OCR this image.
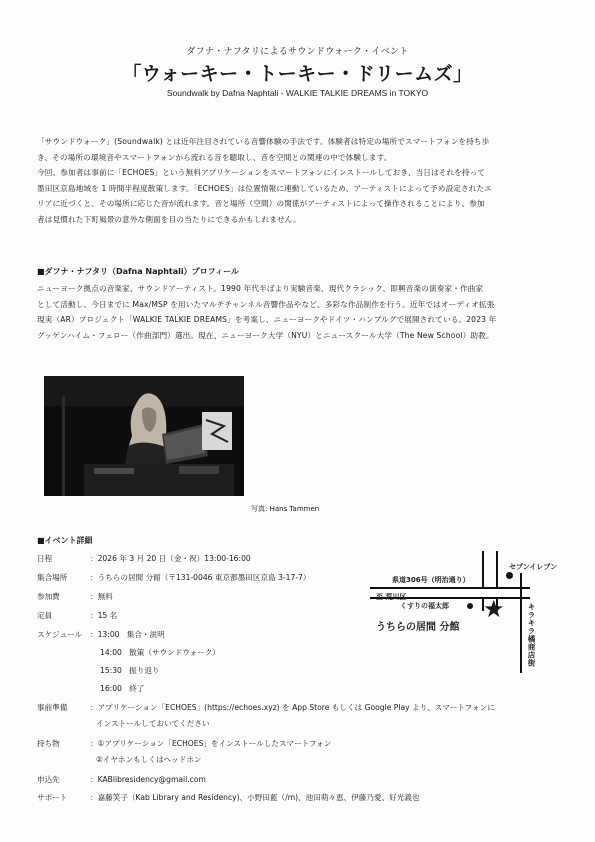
ダフナ・ナフタリによるサウンドウォーク・イベント
「ウォーキー・トーキー・ドリームズ」
Soundwalk by Dafna Naphtali - WALKIE TALKIE DREAMS in TOKYO
「サウンドウォーク」(Soundwalk) とは近年注目されている音響体験の手法です。体験者は特定の場所でスマートフォンを持ち歩
き、その場所の環境音やスマートフォンから流れる音を聴取し、音を空間との関連の中で体験します。
今回、参加者は事前に「ECHOES」という無料アプリケーションをスマートフォンにインストールしておき、当日はそれを持って
墨田区京島地域を 1 時間半程度散策します。「ECHOES」は位置情報に連動しているため、アーティストによって予め設定されたエ
リアに近づくと、その場所に応じた音が流れます。音と場所（空間）の関係がアーティストによって操作されることにより、参加
者は見慣れた下町風景の意外な側面を目の当たりにできるかもしれません。
■ダフナ・ナフタリ（Dafna Naphtali）プロフィール
ニューヨーク拠点の音楽家、サウンドアーティスト。1990 年代半ばより実験音楽、現代クラシック、即興音楽の演奏家・作曲家
として活動し、今日までに Max/MSP を用いたマルチチャンネル音響作品やなど、多彩な作品制作を行う。近年ではオーディオ拡張
現実（AR）プロジェクト「WALKIE TALKIE DREAMS」を考案し、ニューヨークやドイツ・ハンブルグで展開されている。2023 年
グッゲンハイム・フェロー（作曲部門）選出。現在、ニューヨーク大学（NYU）とニュースクール大学（The New School）助教。
写真: Hans Tammen
■イベント詳細
日程	：2026 年 3 月 20 日（金・祝）13:00-16:00
集合場所	：うちらの居間 分館（〒131-0046 東京都墨田区京島 3-17-7）
参加費	：無料
定員	：15 名
スケジュール ：13:00 集合・説明
14:00 散策（サウンドウォーク）
15:30 振り返り
16:00 終了
事前準備	：アプリケーション「ECHOES」(https://echoes.xyz) を App Store もしくは Google Play より、スマートフォンに
インストールしておいてください
持ち物	：①アプリケーション「ECHOES」をインストールしたスマートフォン
②イヤホンもしくはヘッドホン
申込先	：KABlibresidency@gmail.com
サポート	：嘉藤笑子（Kab Library and Residency)、小野田藍（/m)、池田萌々恵、伊藤乃愛、好光義也
セブンイレブン
県道306号（明治通り）
至 荒川区
くすりの福太郎 ★
うちらの居間 分館	キラキラ橘商店街
